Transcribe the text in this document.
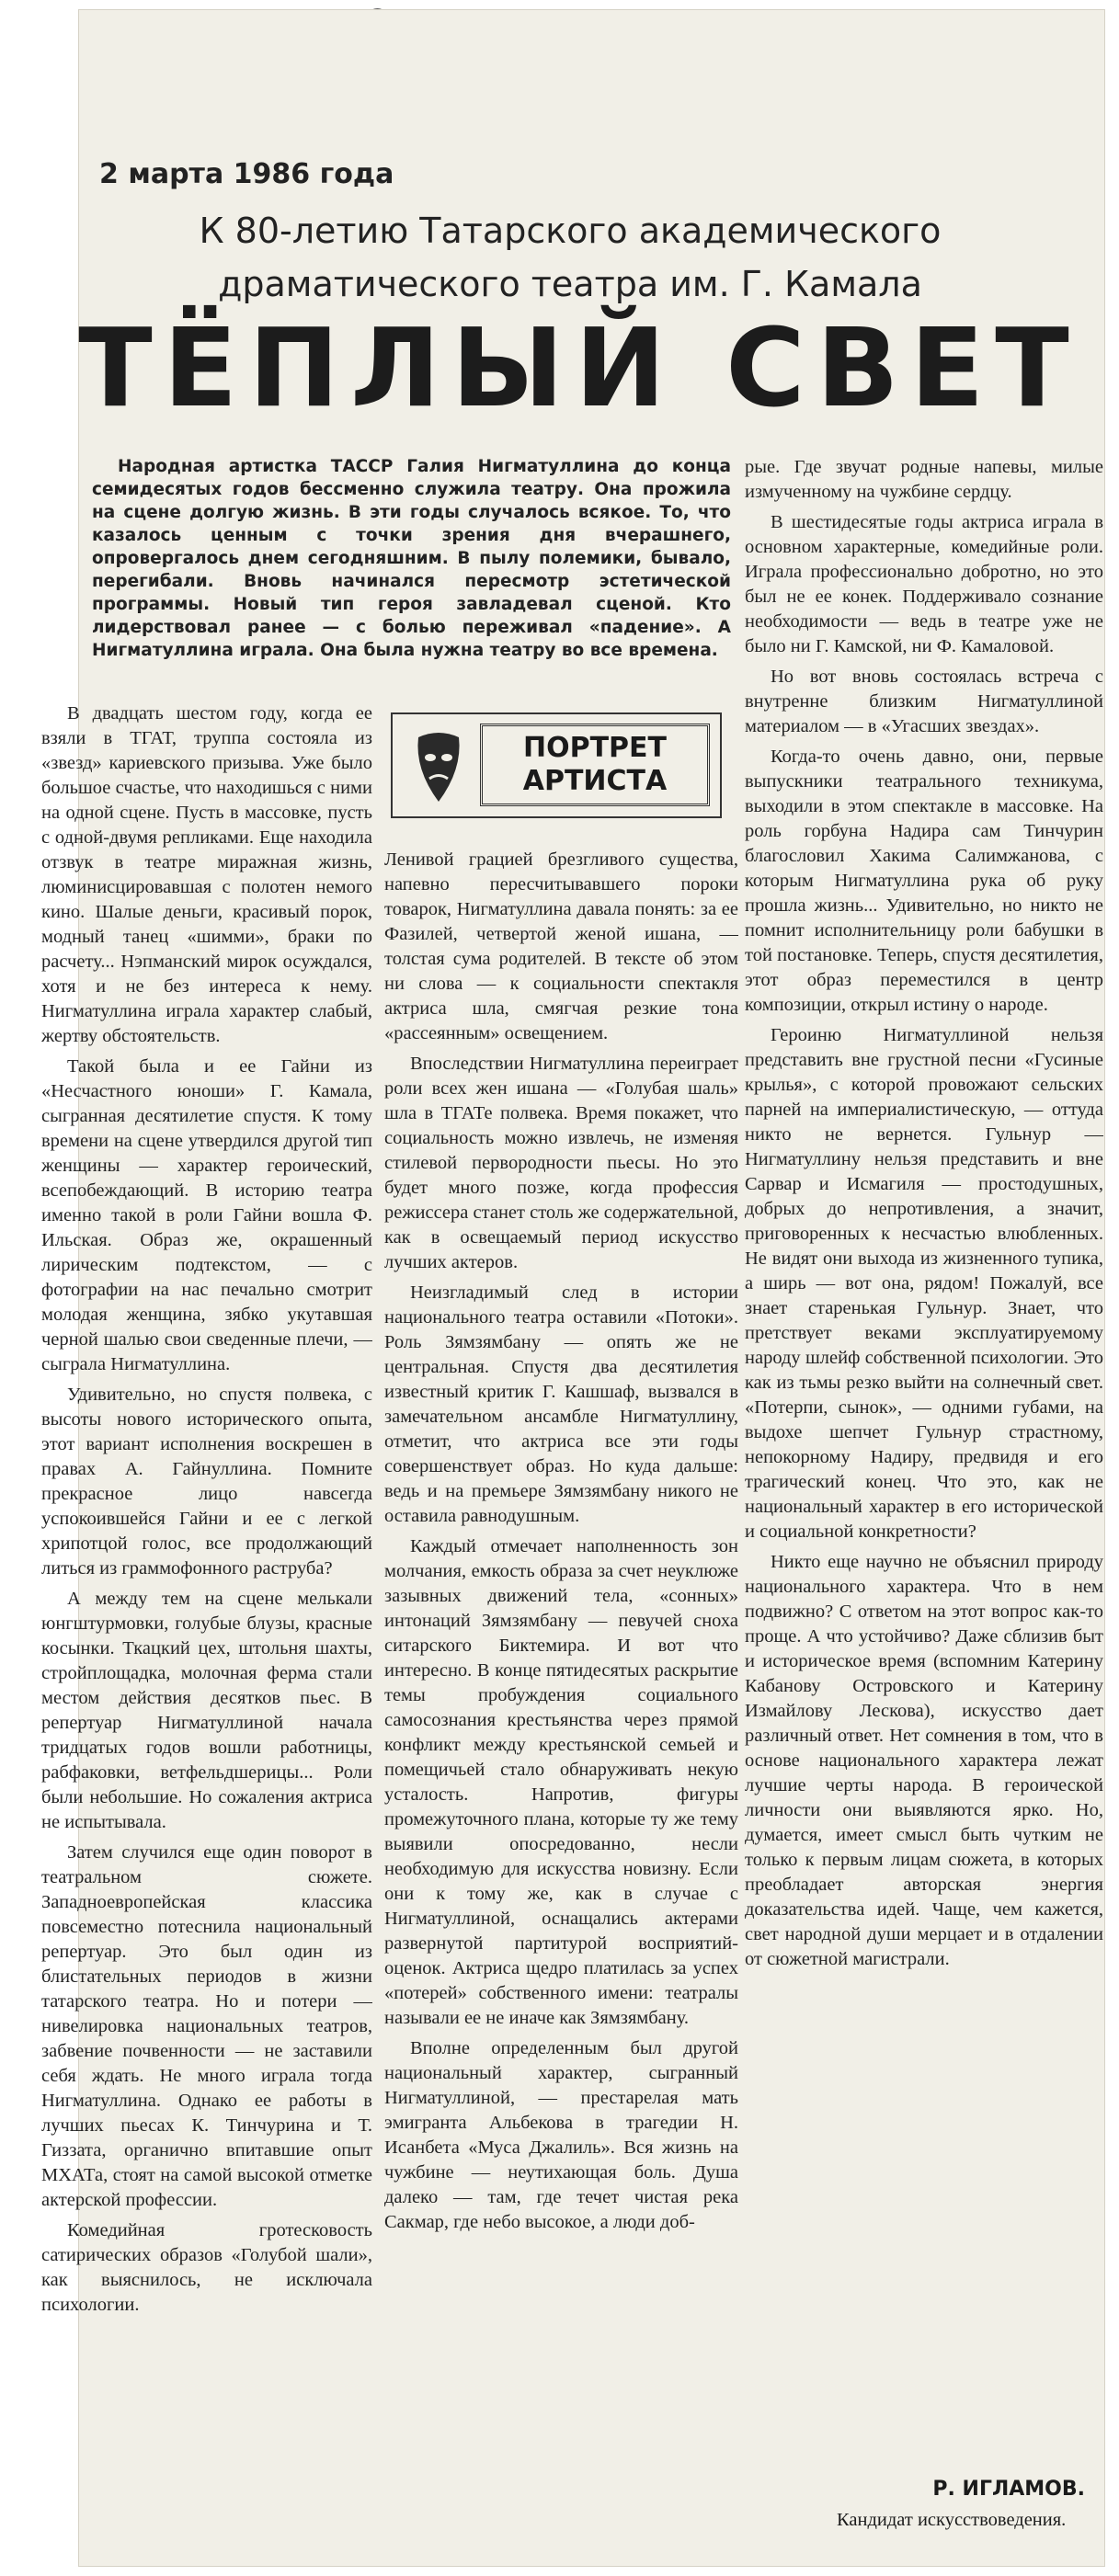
2 марта 1986 года
К 80-летию Татарского академического драматического театра им. Г. Камала
ТЁПЛЫЙ СВЕТ
Народная артистка ТАССР Галия Нигматуллина до конца семидесятых годов бессменно служила театру. Она прожила на сцене долгую жизнь. В эти годы случалось всякое. То, что казалось ценным с точки зрения дня вчерашнего, опровергалось днем сегодняшним. В пылу полемики, бывало, перегибали. Вновь начинался пересмотр эстетической программы. Новый тип героя завладевал сценой. Кто лидерствовал ранее — с болью переживал «падение». А Нигматуллина играла. Она была нужна театру во все времена.
ПОРТРЕТ АРТИСТА

В двадцать шестом году, когда ее взяли в ТГАТ, труппа состояла из «звезд» кариевского призыва. Уже было большое счастье, что находишься с ними на одной сцене. Пусть в массовке, пусть с одной-двумя репликами. Еще находила отзвук в театре миражная жизнь, люминисцировавшая с полотен немого кино. Шалые деньги, красивый порок, модный танец «шимми», браки по расчету... Нэпманский мирок осуждался, хотя и не без интереса к нему. Нигматуллина играла характер слабый, жертву обстоятельств.

Такой была и ее Гайни из «Несчастного юноши» Г. Камала, сыгранная десятилетие спустя. К тому времени на сцене утвердился другой тип женщины — характер героический, всепобеждающий. В историю театра именно такой в роли Гайни вошла Ф. Ильская. Образ же, окрашенный лирическим подтекстом, — с фотографии на нас печально смотрит молодая женщина, зябко укутавшая черной шалью свои сведенные плечи, — сыграла Нигматуллина.

Удивительно, но спустя полвека, с высоты нового исторического опыта, этот вариант исполнения воскрешен в правах А. Гайнуллина. Помните прекрасное лицо навсегда успокоившейся Гайни и ее с легкой хрипотцой голос, все продолжающий литься из граммофонного раструба?

А между тем на сцене мелькали юнгштурмовки, голубые блузы, красные косынки. Ткацкий цех, штольня шахты, стройплощадка, молочная ферма стали местом действия десятков пьес. В репертуар Нигматуллиной начала тридцатых годов вошли работницы, рабфаковки, ветфельдшерицы... Роли были небольшие. Но сожаления актриса не испытывала.

Затем случился еще один поворот в театральном сюжете. Западноевропейская классика повсеместно потеснила национальный репертуар. Это был один из блистательных периодов в жизни татарского театра. Но и потери — нивелировка национальных театров, забвение почвенности — не заставили себя ждать. Не много играла тогда Нигматуллина. Однако ее работы в лучших пьесах К. Тинчурина и Т. Гиззата, органично впитавшие опыт МХАТа, стоят на самой высокой отметке актерской профессии.

Комедийная гротесковость сатирических образов «Голубой шали», как выяснилось, не исключала психологии.

Ленивой грацией брезгливого существа, напевно пересчитывавшего пороки товарок, Нигматуллина давала понять: за ее Фазилей, четвертой женой ишана, — толстая сума родителей. В тексте об этом ни слова — к социальности спектакля актриса шла, смягчая резкие тона «рассеянным» освещением.

Впоследствии Нигматуллина переиграет роли всех жен ишана — «Голубая шаль» шла в ТГАТе полвека. Время покажет, что социальность можно извлечь, не изменяя стилевой первородности пьесы. Но это будет много позже, когда профессия режиссера станет столь же содержательной, как в освещаемый период искусство лучших актеров.

Неизгладимый след в истории национального театра оставили «Потоки». Роль Зямзямбану — опять же не центральная. Спустя два десятилетия известный критик Г. Кашшаф, вызвался в замечательном ансамбле Нигматуллину, отметит, что актриса все эти годы совершенствует образ. Но куда дальше: ведь и на премьере Зямзямбану никого не оставила равнодушным.

Каждый отмечает наполненность зон молчания, емкость образа за счет неуклюже зазывных движений тела, «сонных» интонаций Зямзямбану — певучей сноха ситарского Биктемира. И вот что интересно. В конце пятидесятых раскрытие темы пробуждения социального самосознания крестьянства через прямой конфликт между крестьянской семьей и помещичьей стало обнаруживать некую усталость. Напротив, фигуры промежуточного плана, которые ту же тему выявили опосредованно, несли необходимую для искусства новизну. Если они к тому же, как в случае с Нигматуллиной, оснащались актерами развернутой партитурой восприятий-оценок. Актриса щедро платилась за успех «потерей» собственного имени: театралы называли ее не иначе как Зямзямбану.

Вполне определенным был другой национальный характер, сыгранный Нигматуллиной, — престарелая мать эмигранта Альбекова в трагедии Н. Исанбета «Муса Джалиль». Вся жизнь на чужбине — неутихающая боль. Душа далеко — там, где течет чистая река Сакмар, где небо высокое, а люди доб-

рые. Где звучат родные напевы, милые измученному на чужбине сердцу.

В шестидесятые годы актриса играла в основном характерные, комедийные роли. Играла профессионально добротно, но это был не ее конек. Поддерживало сознание необходимости — ведь в театре уже не было ни Г. Камской, ни Ф. Камаловой.

Но вот вновь состоялась встреча с внутренне близким Нигматуллиной материалом — в «Угасших звездах».

Когда-то очень давно, они, первые выпускники театрального техникума, выходили в этом спектакле в массовке. На роль горбуна Надира сам Тинчурин благословил Хакима Салимжанова, с которым Нигматуллина рука об руку прошла жизнь... Удивительно, но никто не помнит исполнительницу роли бабушки в той постановке. Теперь, спустя десятилетия, этот образ переместился в центр композиции, открыл истину о народе.

Героиню Нигматуллиной нельзя представить вне грустной песни «Гусиные крылья», с которой провожают сельских парней на империалистическую, — оттуда никто не вернется. Гульнур — Нигматуллину нельзя представить и вне Сарвар и Исмагиля — простодушных, добрых до непротивления, а значит, приговоренных к несчастью влюбленных. Не видят они выхода из жизненного тупика, а ширь — вот она, рядом! Пожалуй, все знает старенькая Гульнур. Знает, что претствует веками эксплуатируемому народу шлейф собственной психологии. Это как из тьмы резко выйти на солнечный свет. «Потерпи, сынок», — одними губами, на выдохе шепчет Гульнур страстному, непокорному Надиру, предвидя и его трагический конец. Что это, как не национальный характер в его исторической и социальной конкретности?

Никто еще научно не объяснил природу национального характера. Что в нем подвижно? С ответом на этот вопрос как-то проще. А что устойчиво? Даже сблизив быт и историческое время (вспомним Катерину Кабанову Островского и Катерину Измайлову Лескова), искусство дает различный ответ. Нет сомнения в том, что в основе национального характера лежат лучшие черты народа. В героической личности они выявляются ярко. Но, думается, имеет смысл быть чутким не только к первым лицам сюжета, в которых преобладает авторская энергия доказательства идей. Чаще, чем кажется, свет народной души мерцает и в отдалении от сюжетной магистрали.

Р. ИГЛАМОВ.
Кандидат искусствоведения.
